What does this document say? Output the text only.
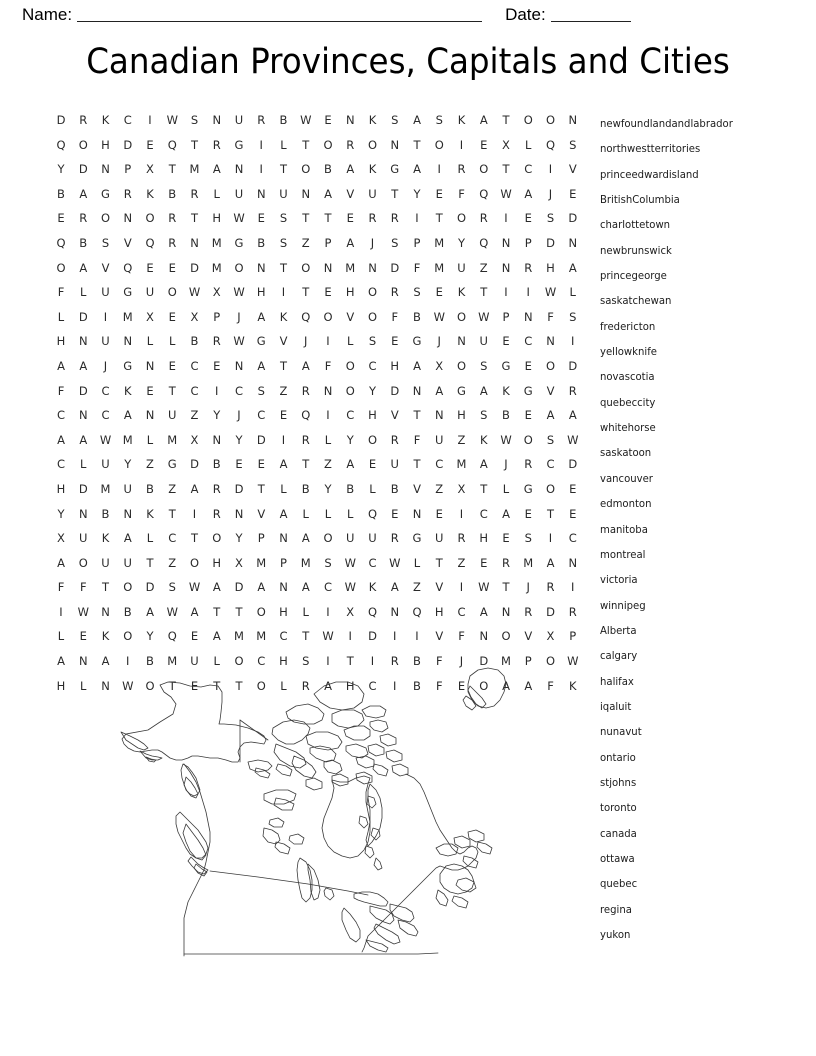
Name:	Date:
Canadian Provinces, Capitals and Cities
D	R	K	C	I	W	S	N	U	R	B	W	E	N	K	S	A	S	K	A	T	O	O	N
Q	O	H	D	E	Q	T	R	G	I	L	T	O	R	O	N	T	O	I	E	X	L	Q	S
Y	D	N	P	X	T	M	A	N	I	T	O	B	A	K	G	A	I	R	O	T	C	I	V
B	A	G	R	K	B	R	L	U	N	U	N	A	V	U	T	Y	E	F	Q	W	A	J	E
E	R	O	N	O	R	T	H	W	E	S	T	T	E	R	R	I	T	O	R	I	E	S	D
Q	B	S	V	Q	R	N	M	G	B	S	Z	P	A	J	S	P	M	Y	Q	N	P	D	N
O	A	V	Q	E	E	D	M	O	N	T	O	N	M	N	D	F	M	U	Z	N	R	H	A
F	L	U	G	U	O	W	X	W	H	I	T	E	H	O	R	S	E	K	T	I	I	W	L
L	D	I	M	X	E	X	P	J	A	K	Q	O	V	O	F	B	W	O	W	P	N	F	S
H	N	U	N	L	L	B	R	W	G	V	J	I	L	S	E	G	J	N	U	E	C	N	I
A	A	J	G	N	E	C	E	N	A	T	A	F	O	C	H	A	X	O	S	G	E	O	D
F	D	C	K	E	T	C	I	C	S	Z	R	N	O	Y	D	N	A	G	A	K	G	V	R
C	N	C	A	N	U	Z	Y	J	C	E	Q	I	C	H	V	T	N	H	S	B	E	A	A
A	A	W	M	L	M	X	N	Y	D	I	R	L	Y	O	R	F	U	Z	K	W	O	S	W
C	L	U	Y	Z	G	D	B	E	E	A	T	Z	A	E	U	T	C	M	A	J	R	C	D
H	D	M	U	B	Z	A	R	D	T	L	B	Y	B	L	B	V	Z	X	T	L	G	O	E
Y	N	B	N	K	T	I	R	N	V	A	L	L	L	Q	E	N	E	I	C	A	E	T	E
X	U	K	A	L	C	T	O	Y	P	N	A	O	U	U	R	G	U	R	H	E	S	I	C
A	O	U	U	T	Z	O	H	X	M	P	M	S	W	C	W	L	T	Z	E	R	M	A	N
F	F	T	O	D	S	W	A	D	A	N	A	C	W	K	A	Z	V	I	W	T	J	R	I
I	W	N	B	A	W	A	T	T	O	H	L	I	X	Q	N	Q	H	C	A	N	R	D	R
L	E	K	O	Y	Q	E	A	M	M	C	T	W	I	D	I	I	V	F	N	O	V	X	P
A	N	A	I	B	M	U	L	O	C	H	S	I	T	I	R	B	F	J	D	M	P	O	W
H	L	N	W	O	T	E	T	T	O	L	R	A	H	C	I	B	F	E	O	A	A	F	K
newfoundlandandlabrador
northwestterritories
princeedwardisland
BritishColumbia
charlottetown
newbrunswick
princegeorge
saskatchewan
fredericton
yellowknife
novascotia
quebeccity
whitehorse
saskatoon
vancouver
edmonton
manitoba
montreal
victoria
winnipeg
Alberta
calgary
halifax
iqaluit
nunavut
ontario
stjohns
toronto
canada
ottawa
quebec
regina
yukon
